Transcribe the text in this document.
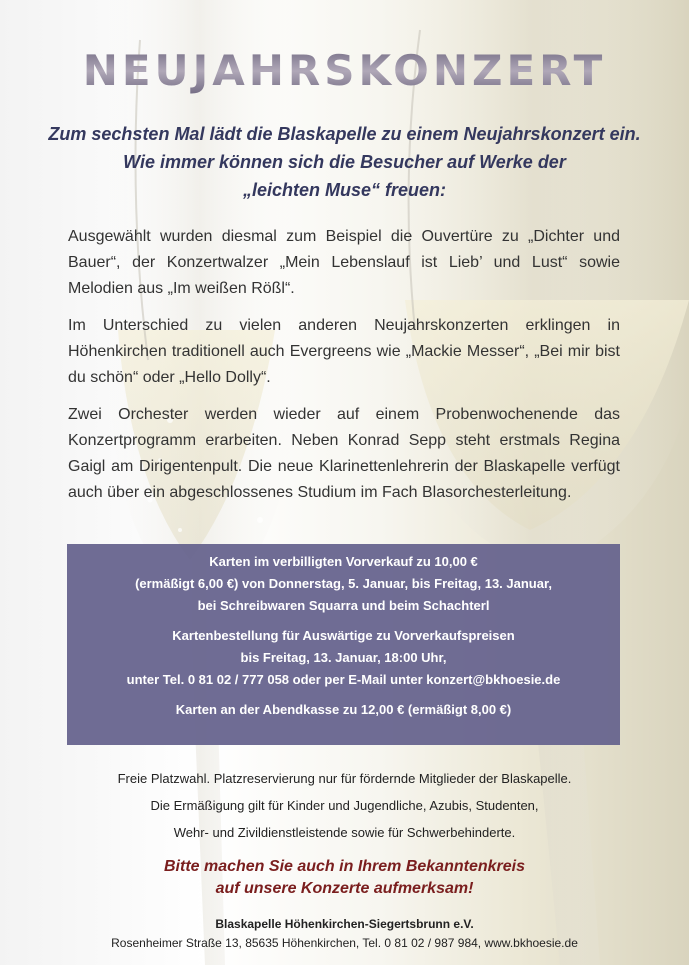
NEUJAHRSKONZERT
Zum sechsten Mal lädt die Blaskapelle zu einem Neujahrskonzert ein.
Wie immer können sich die Besucher auf Werke der
„leichten Muse“ freuen:

Ausgewählt wurden diesmal zum Beispiel die Ouvertüre zu „Dichter und Bauer“, der Konzertwalzer „Mein Lebenslauf ist Lieb’ und Lust“ sowie Melodien aus „Im weißen Rößl“.

Im Unterschied zu vielen anderen Neujahrskonzerten erklingen in Höhenkirchen traditionell auch Evergreens wie „Mackie Messer“, „Bei mir bist du schön“ oder „Hello Dolly“.

Zwei Orchester werden wieder auf einem Probenwochenende das Konzertprogramm erarbeiten. Neben Konrad Sepp steht erstmals Regina Gaigl am Dirigentenpult. Die neue Klarinettenlehrerin der Blaskapelle verfügt auch über ein abgeschlossenes Studium im Fach Blasorchesterleitung.

Karten im verbilligten Vorverkauf zu 10,00 €
(ermäßigt 6,00 €) von Donnerstag, 5. Januar, bis Freitag, 13. Januar,
bei Schreibwaren Squarra und beim Schachterl
Kartenbestellung für Auswärtige zu Vorverkaufspreisen
bis Freitag, 13. Januar, 18:00 Uhr,
unter Tel. 0 81 02 / 777 058 oder per E-Mail unter konzert@bkhoesie.de
Karten an der Abendkasse zu 12,00 € (ermäßigt 8,00 €)
Freie Platzwahl. Platzreservierung nur für fördernde Mitglieder der Blaskapelle.
Die Ermäßigung gilt für Kinder und Jugendliche, Azubis, Studenten,
Wehr- und Zivildienstleistende sowie für Schwerbehinderte.
Bitte machen Sie auch in Ihrem Bekanntenkreis
auf unsere Konzerte aufmerksam!
Blaskapelle Höhenkirchen-Siegertsbrunn e.V.
Rosenheimer Straße 13, 85635 Höhenkirchen, Tel. 0 81 02 / 987 984, www.bkhoesie.de
